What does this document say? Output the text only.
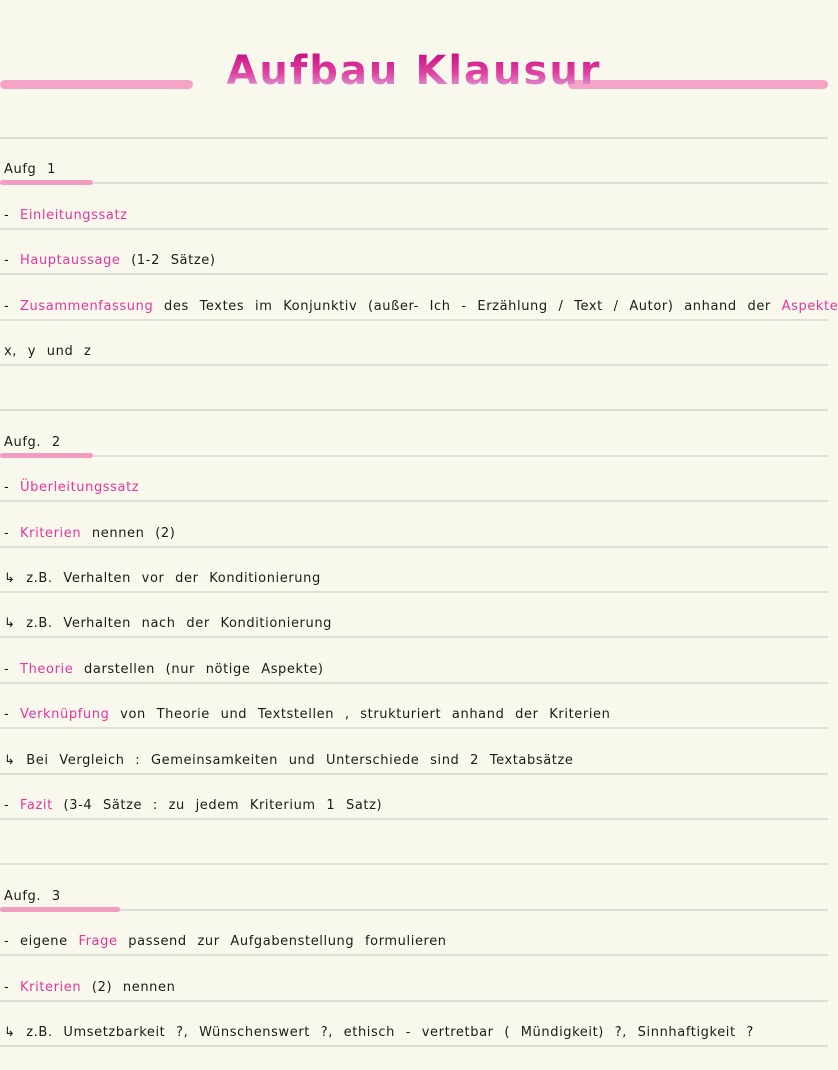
Aufbau Klausur
Aufg 1
- Einleitungssatz
- Hauptaussage (1-2 Sätze)
- Zusammenfassung des Textes im Konjunktiv (außer- Ich - Erzählung / Text / Autor) anhand der Aspekte
x, y und z
Aufg. 2
- Überleitungssatz
- Kriterien nennen (2)
↳ z.B. Verhalten vor der Konditionierung
↳ z.B. Verhalten nach der Konditionierung
- Theorie darstellen (nur nötige Aspekte)
- Verknüpfung von Theorie und Textstellen , strukturiert anhand der Kriterien
↳ Bei Vergleich : Gemeinsamkeiten und Unterschiede sind 2 Textabsätze
- Fazit (3-4 Sätze : zu jedem Kriterium 1 Satz)
Aufg. 3
- eigene Frage passend zur Aufgabenstellung formulieren
- Kriterien (2) nennen
↳ z.B. Umsetzbarkeit ?, Wünschenswert ?, ethisch - vertretbar ( Mündigkeit) ?, Sinnhaftigkeit ?
